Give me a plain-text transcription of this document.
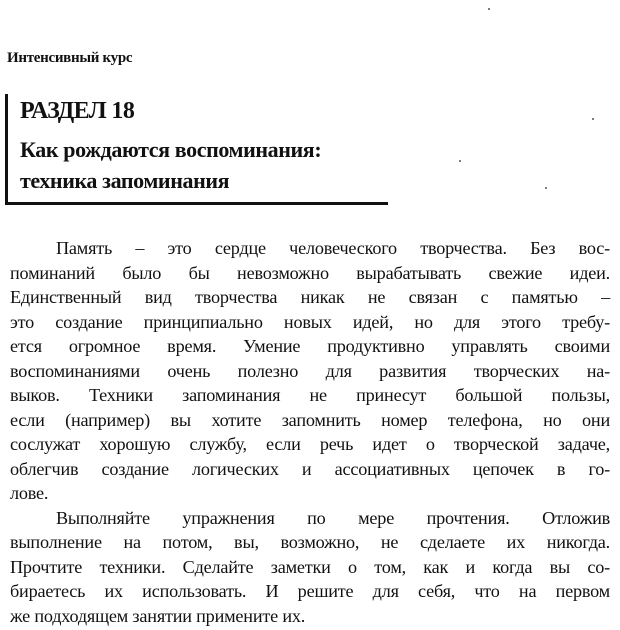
Интенсивный курс
РАЗДЕЛ 18
Как рождаются воспоминания:
техника запоминания
Память – это сердце человеческого творчества. Без вос-
поминаний было бы невозможно вырабатывать свежие идеи.
Единственный вид творчества никак не связан с памятью –
это создание принципиально новых идей, но для этого требу-
ется огромное время. Умение продуктивно управлять своими
воспоминаниями очень полезно для развития творческих на-
выков. Техники запоминания не принесут большой пользы,
если (например) вы хотите запомнить номер телефона, но они
сослужат хорошую службу, если речь идет о творческой задаче,
облегчив создание логических и ассоциативных цепочек в го-
лове.
Выполняйте упражнения по мере прочтения. Отложив
выполнение на потом, вы, возможно, не сделаете их никогда.
Прочтите техники. Сделайте заметки о том, как и когда вы со-
бираетесь их использовать. И решите для себя, что на первом
же подходящем занятии примените их.
